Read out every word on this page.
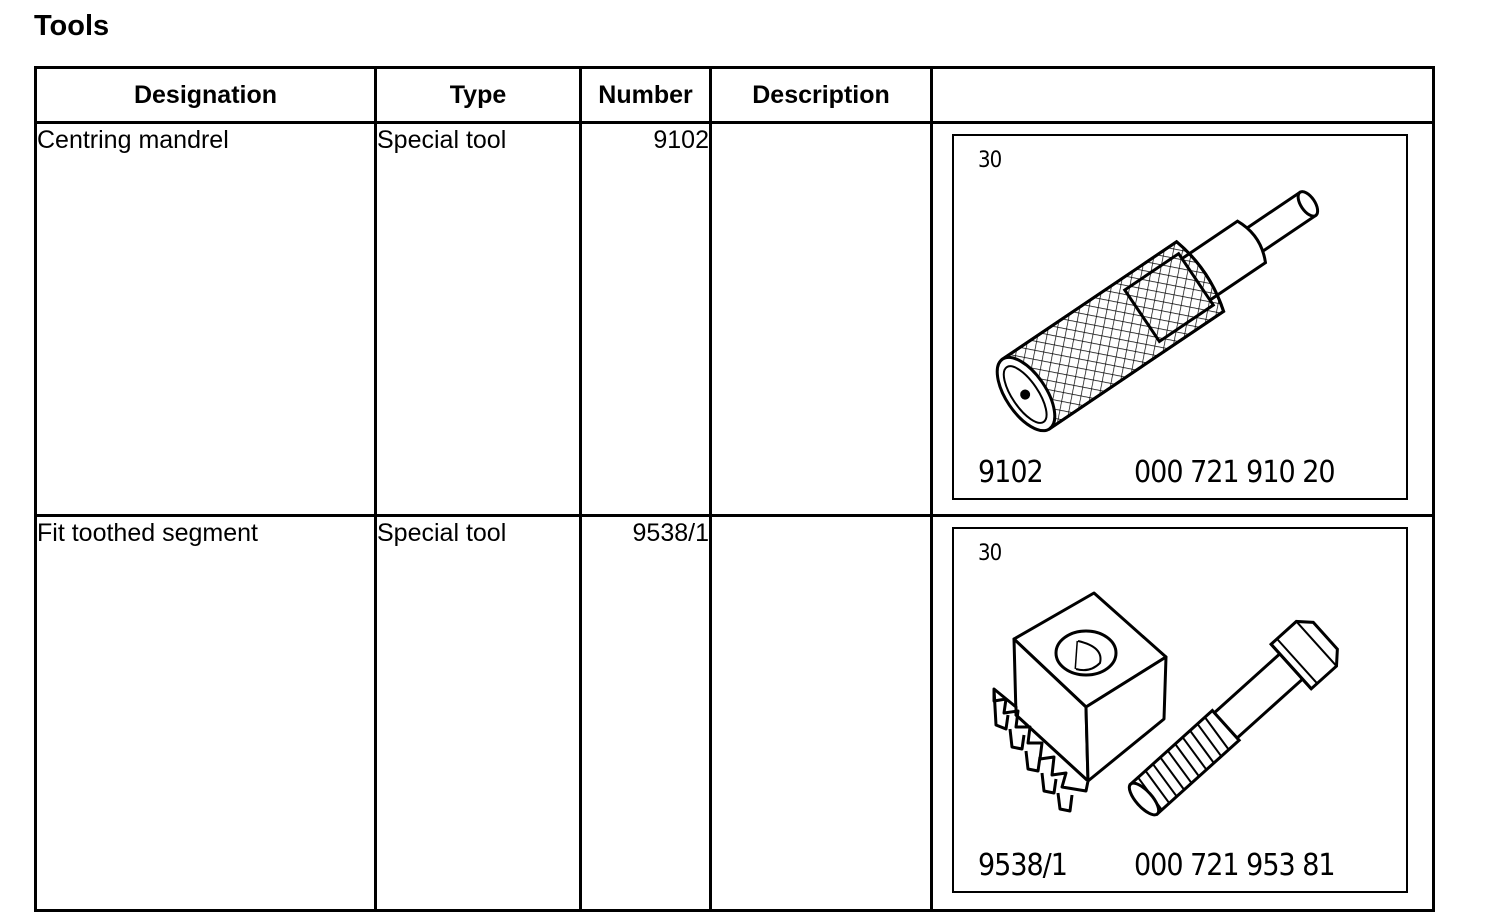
Tools
Designation	Type	Number	Description	
Centring mandrel	Special tool	9102		30
9102 000 721 910 20

Fit toothed segment	Special tool	9538/1		30
9538/1 000 721 953 81
